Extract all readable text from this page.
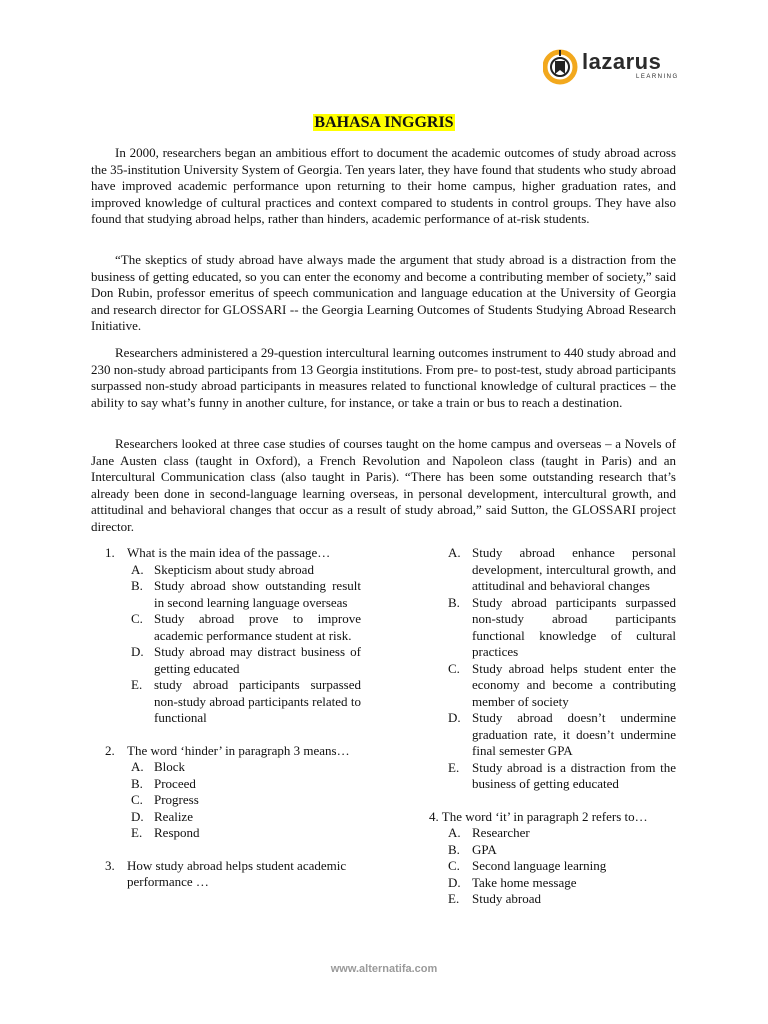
lazarus
LEARNING
BAHASA INGGRIS

In 2000, researchers began an ambitious effort to document the academic outcomes of study abroad across the 35-institution University System of Georgia. Ten years later, they have found that students who study abroad have improved academic performance upon returning to their home campus, higher graduation rates, and improved knowledge of cultural practices and context compared to students in control groups. They have also found that studying abroad helps, rather than hinders, academic performance of at-risk students.

“The skeptics of study abroad have always made the argument that study abroad is a distraction from the business of getting educated, so you can enter the economy and become a contributing member of society,” said Don Rubin, professor emeritus of speech communication and language education at the University of Georgia and research director for GLOSSARI -- the Georgia Learning Outcomes of Students Studying Abroad Research Initiative.

Researchers administered a 29-question intercultural learning outcomes instrument to 440 study abroad and 230 non-study abroad participants from 13 Georgia institutions. From pre- to post-test, study abroad participants surpassed non-study abroad participants in measures related to functional knowledge of cultural practices – the ability to say what’s funny in another culture, for instance, or take a train or bus to reach a destination.

Researchers looked at three case studies of courses taught on the home campus and overseas – a Novels of Jane Austen class (taught in Oxford), a French Revolution and Napoleon class (taught in Paris) and an Intercultural Communication class (also taught in Paris). “There has been some outstanding research that’s already been done in second-language learning overseas, in personal development, intercultural growth, and attitudinal and behavioral changes that occur as a result of study abroad,” said Sutton, the GLOSSARI project director.

1. What is the main idea of the passage…
A. Skepticism about study abroad
B. Study abroad show outstanding result in second learning language overseas
C. Study abroad prove to improve academic performance student at risk.
D. Study abroad may distract business of getting educated
E. study abroad participants surpassed non-study abroad participants related to functional
2. The word ‘hinder’ in paragraph 3 means…
A. Block
B. Proceed
C. Progress
D. Realize
E. Respond
3. How study abroad helps student academic performance …
A. Study abroad enhance personal development, intercultural growth, and attitudinal and behavioral changes
B. Study abroad participants surpassed non-study abroad participants functional knowledge of cultural practices
C. Study abroad helps student enter the economy and become a contributing member of society
D. Study abroad doesn’t undermine graduation rate, it doesn’t undermine final semester GPA
E. Study abroad is a distraction from the business of getting educated
4. The word ‘it’ in paragraph 2 refers to…
A. Researcher
B. GPA
C. Second language learning
D. Take home message
E. Study abroad
www.alternatifa.com
